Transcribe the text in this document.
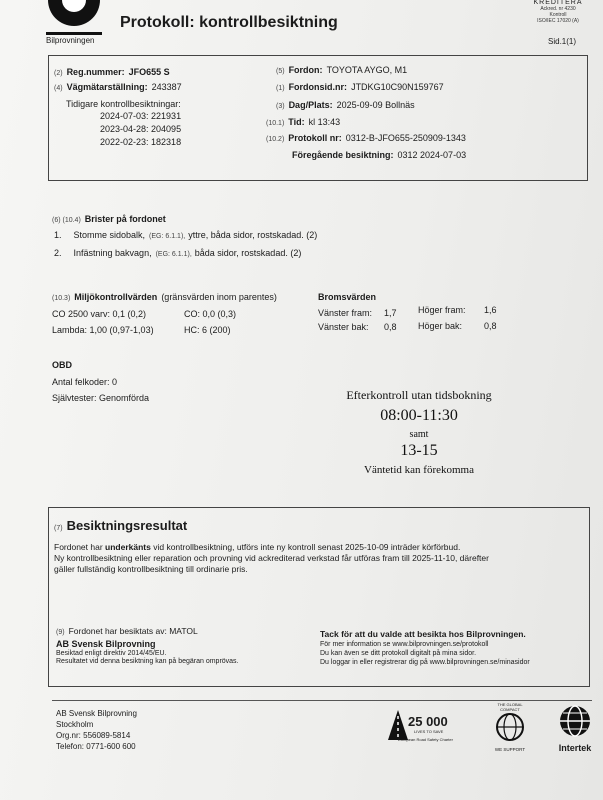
Bilprovningen
Protokoll: kontrollbesiktning
KREDITERA
Ackred. nr 4230
Kontroll
ISO/IEC 17020 (A)
Sid.1(1)
(2) Reg.nummer: JFO655 S
(4) Vägmätarställning: 243387
Tidigare kontrollbesiktningar:
2024-07-03: 221931
2023-04-28: 204095
2022-02-23: 182318
(5) Fordon: TOYOTA AYGO, M1
(1) Fordonsid.nr: JTDKG10C90N159767
(3) Dag/Plats: 2025-09-09 Bollnäs
(10.1) Tid: kl 13:43
(10.2) Protokoll nr: 0312-B-JFO655-250909-1343
Föregående besiktning: 0312 2024-07-03
(6) (10.4) Brister på fordonet
1. Stomme sidobalk, (EG: 6.1.1), yttre, båda sidor, rostskadad. (2)
2. Infästning bakvagn, (EG: 6.1.1), båda sidor, rostskadad. (2)
(10.3) Miljökontrollvärden (gränsvärden inom parentes)
CO 2500 varv: 0,1 (0,2)	CO: 0,0 (0,3)
Lambda: 1,00 (0,97-1,03)	HC: 6 (200)
Bromsvärden
Vänster fram: 1,7 Höger fram: 1,6
Vänster bak: 0,8 Höger bak: 0,8
OBD
Antal felkoder: 0
Självtester: Genomförda	Efterkontroll utan tidsbokning
08:00-11:30
samt
13-15
Väntetid kan förekomma
(7) Besiktningsresultat
Fordonet har underkänts vid kontrollbesiktning, utförs inte ny kontroll senast 2025-10-09 inträder körförbud.
Ny kontrollbesiktning eller reparation och provning vid ackrediterad verkstad får utföras fram till 2025-11-10, därefter
gäller fullständig kontrollbesiktning till ordinarie pris.
(9) Fordonet har besiktats av: MATOL
AB Svensk Bilprovning
Besiktad enligt direktiv 2014/45/EU.
Resultatet vid denna besiktning kan på begäran omprövas.
Tack för att du valde att besikta hos Bilprovningen.
För mer information se www.bilprovningen.se/protokoll
Du kan även se ditt protokoll digitalt på mina sidor.
Du loggar in eller registrerar dig på www.bilprovningen.se/minasidor
AB Svensk Bilprovning
Stockholm
Org.nr: 556089-5814
Telefon: 0771-600 600
25 000
LIVES TO SAVE
European Road Safety Charter
THE GLOBAL COMPACT
WE SUPPORT	Intertek
